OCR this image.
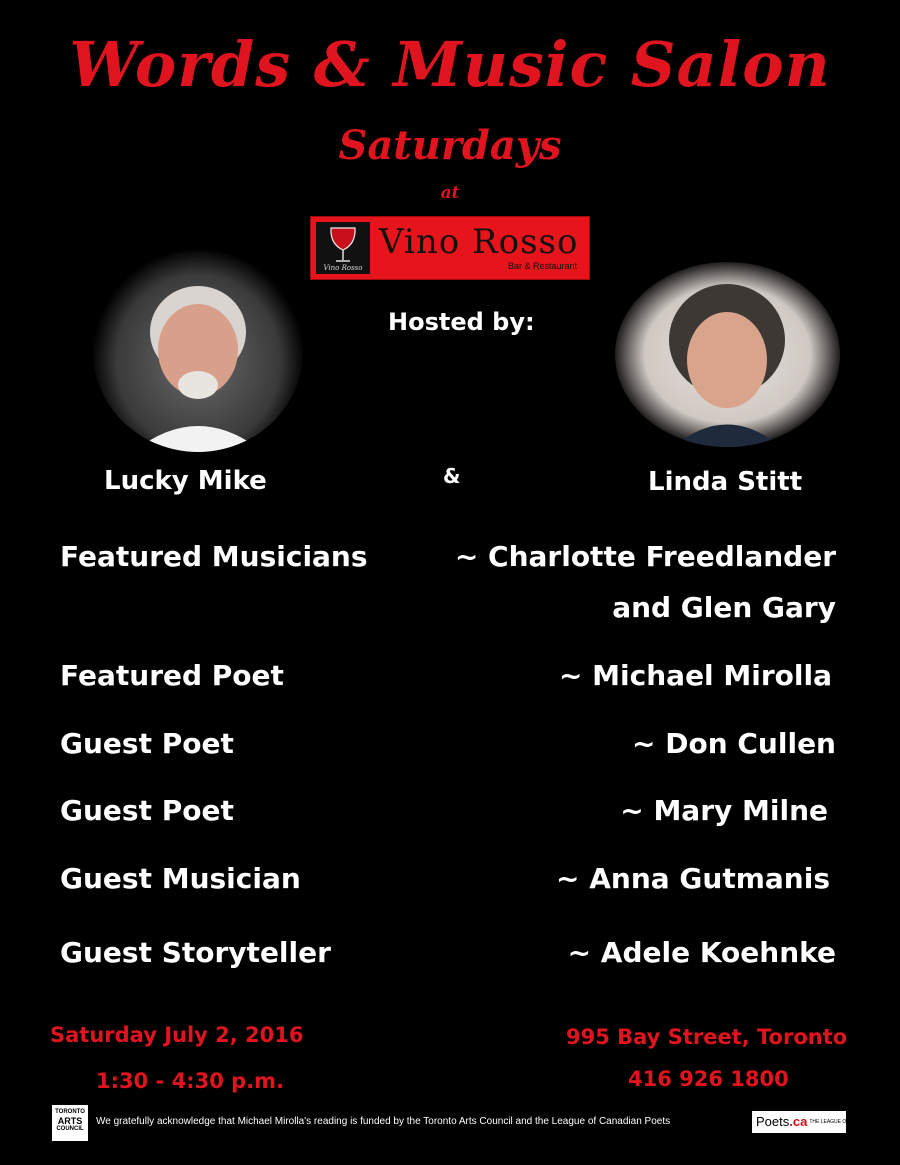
Words & Music Salon
Saturdays
at
Vino Rosso
Vino Rosso
Bar & Restaurant
Hosted by:
Lucky Mike	&	Linda Stitt
Featured Musicians	~ Charlotte Freedlander
and Glen Gary
Featured Poet	~ Michael Mirolla
Guest Poet	~ Don Cullen
Guest Poet	~ Mary Milne
Guest Musician	~ Anna Gutmanis
Guest Storyteller	~ Adele Koehnke
Saturday July 2, 2016
1:30 - 4:30 p.m.
995 Bay Street, Toronto
416 926 1800
TORONTO
ARTS
COUNCIL
We gratefully acknowledge that Michael Mirolla's reading is funded by the Toronto Arts Council and the League of Canadian Poets	Poets.ca THE LEAGUE OF CANADIAN POETS
